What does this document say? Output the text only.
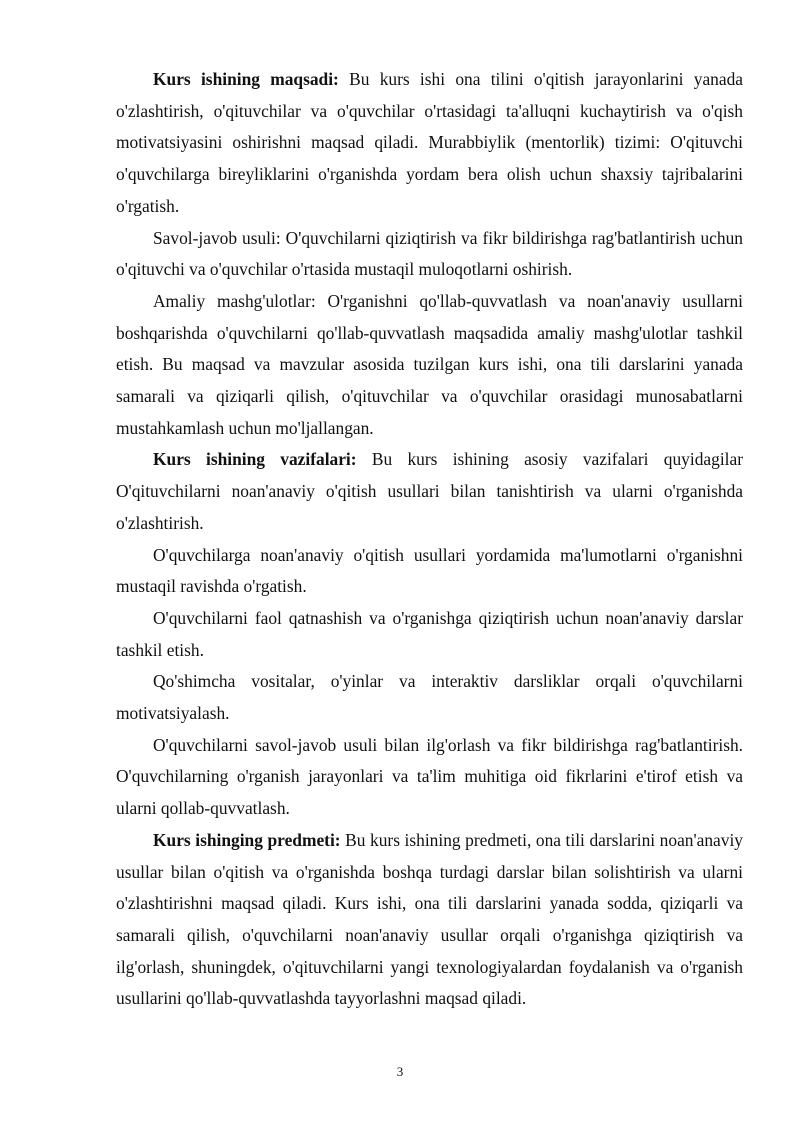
Kurs ishining maqsadi: Bu kurs ishi ona tilini o'qitish jarayonlarini yanada o'zlashtirish, o'qituvchilar va o'quvchilar o'rtasidagi ta'alluqni kuchaytirish va o'qish motivatsiyasini oshirishni maqsad qiladi. Murabbiylik (mentorlik) tizimi: O'qituvchi o'quvchilarga bireyliklarini o'rganishda yordam bera olish uchun shaxsiy tajribalarini o'rgatish.

Savol-javob usuli: O'quvchilarni qiziqtirish va fikr bildirishga rag'batlantirish uchun o'qituvchi va o'quvchilar o'rtasida mustaqil muloqotlarni oshirish.

Amaliy mashg'ulotlar: O'rganishni qo'llab-quvvatlash va noan'anaviy usullarni boshqarishda o'quvchilarni qo'llab-quvvatlash maqsadida amaliy mashg'ulotlar tashkil etish. Bu maqsad va mavzular asosida tuzilgan kurs ishi, ona tili darslarini yanada samarali va qiziqarli qilish, o'qituvchilar va o'quvchilar orasidagi munosabatlarni mustahkamlash uchun mo'ljallangan.

Kurs ishining vazifalari: Bu kurs ishining asosiy vazifalari quyidagilar O'qituvchilarni noan'anaviy o'qitish usullari bilan tanishtirish va ularni o'rganishda o'zlashtirish.

O'quvchilarga noan'anaviy o'qitish usullari yordamida ma'lumotlarni o'rganishni mustaqil ravishda o'rgatish.

O'quvchilarni faol qatnashish va o'rganishga qiziqtirish uchun noan'anaviy darslar tashkil etish.

Qo'shimcha vositalar, o'yinlar va interaktiv darsliklar orqali o'quvchilarni motivatsiyalash.

O'quvchilarni savol-javob usuli bilan ilg'orlash va fikr bildirishga rag'batlantirish. O'quvchilarning o'rganish jarayonlari va ta'lim muhitiga oid fikrlarini e'tirof etish va ularni qollab-quvvatlash.

Kurs ishinging predmeti: Bu kurs ishining predmeti, ona tili darslarini noan'anaviy usullar bilan o'qitish va o'rganishda boshqa turdagi darslar bilan solishtirish va ularni o'zlashtirishni maqsad qiladi. Kurs ishi, ona tili darslarini yanada sodda, qiziqarli va samarali qilish, o'quvchilarni noan'anaviy usullar orqali o'rganishga qiziqtirish va ilg'orlash, shuningdek, o'qituvchilarni yangi texnologiyalardan foydalanish va o'rganish usullarini qo'llab-quvvatlashda tayyorlashni maqsad qiladi.

3
